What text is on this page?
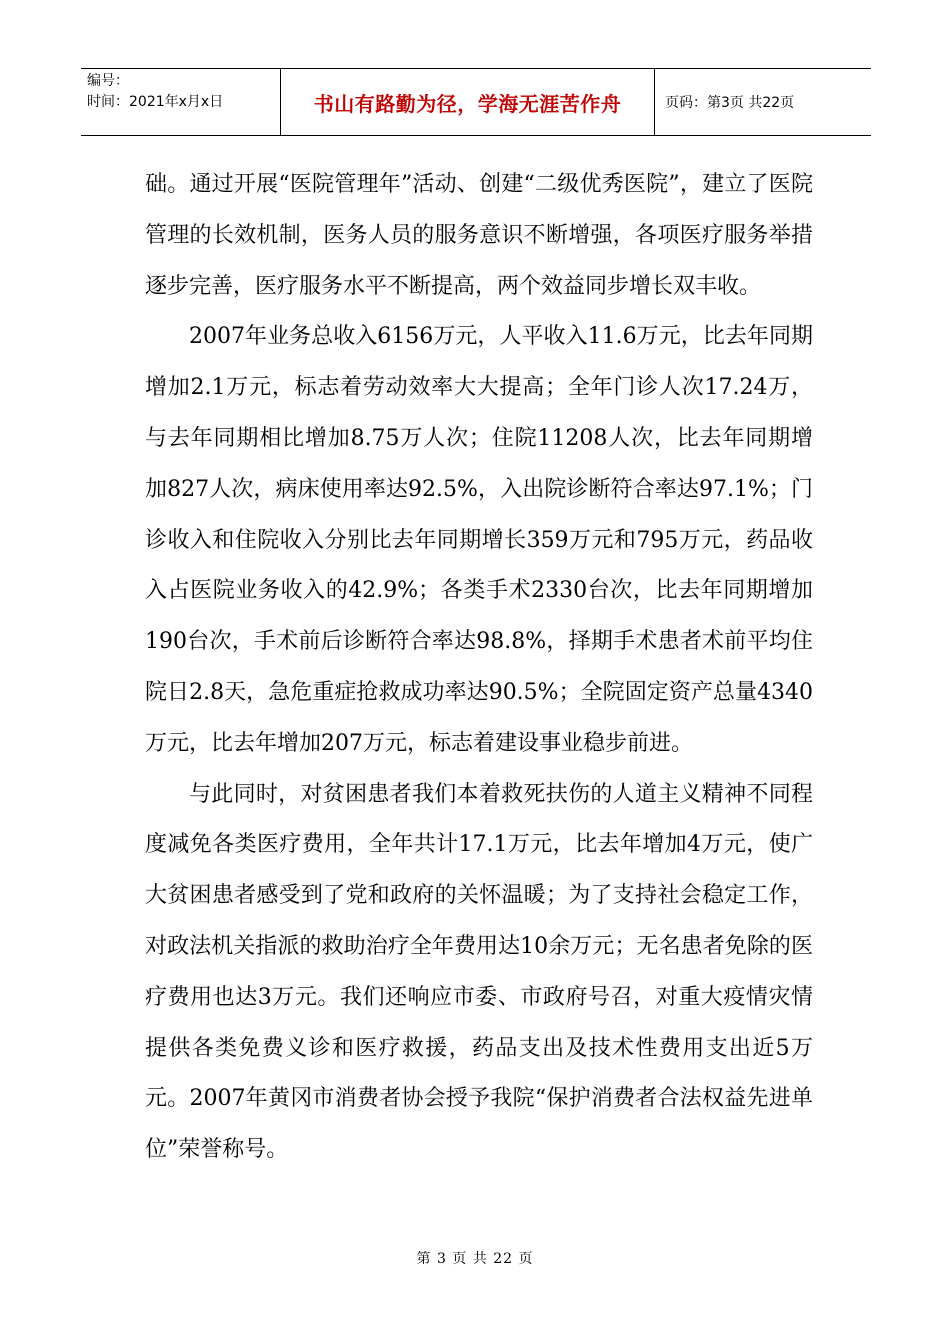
编号：
时间：2021年x月x日	书山有路勤为径，学海无涯苦作舟	页码：第3页 共22页

础。通过开展“医院管理年”活动、创建“二级优秀医院”，建立了医院管理的长效机制，医务人员的服务意识不断增强，各项医疗服务举措逐步完善，医疗服务水平不断提高，两个效益同步增长双丰收。

2007年业务总收入6156万元，人平收入11.6万元，比去年同期增加2.1万元，标志着劳动效率大大提高；全年门诊人次17.24万，与去年同期相比增加8.75万人次；住院11208人次，比去年同期增加827人次，病床使用率达92.5%，入出院诊断符合率达97.1%；门诊收入和住院收入分别比去年同期增长359万元和795万元，药品收入占医院业务收入的42.9%；各类手术2330台次，比去年同期增加190台次，手术前后诊断符合率达98.8%，择期手术患者术前平均住院日2.8天，急危重症抢救成功率达90.5%；全院固定资产总量4340万元，比去年增加207万元，标志着建设事业稳步前进。

与此同时，对贫困患者我们本着救死扶伤的人道主义精神不同程度减免各类医疗费用，全年共计17.1万元，比去年增加4万元，使广大贫困患者感受到了党和政府的关怀温暖；为了支持社会稳定工作，对政法机关指派的救助治疗全年费用达10余万元；无名患者免除的医疗费用也达3万元。我们还响应市委、市政府号召，对重大疫情灾情提供各类免费义诊和医疗救援，药品支出及技术性费用支出近5万元。2007年黄冈市消费者协会授予我院“保护消费者合法权益先进单位”荣誉称号。

第 3 页 共 22 页
